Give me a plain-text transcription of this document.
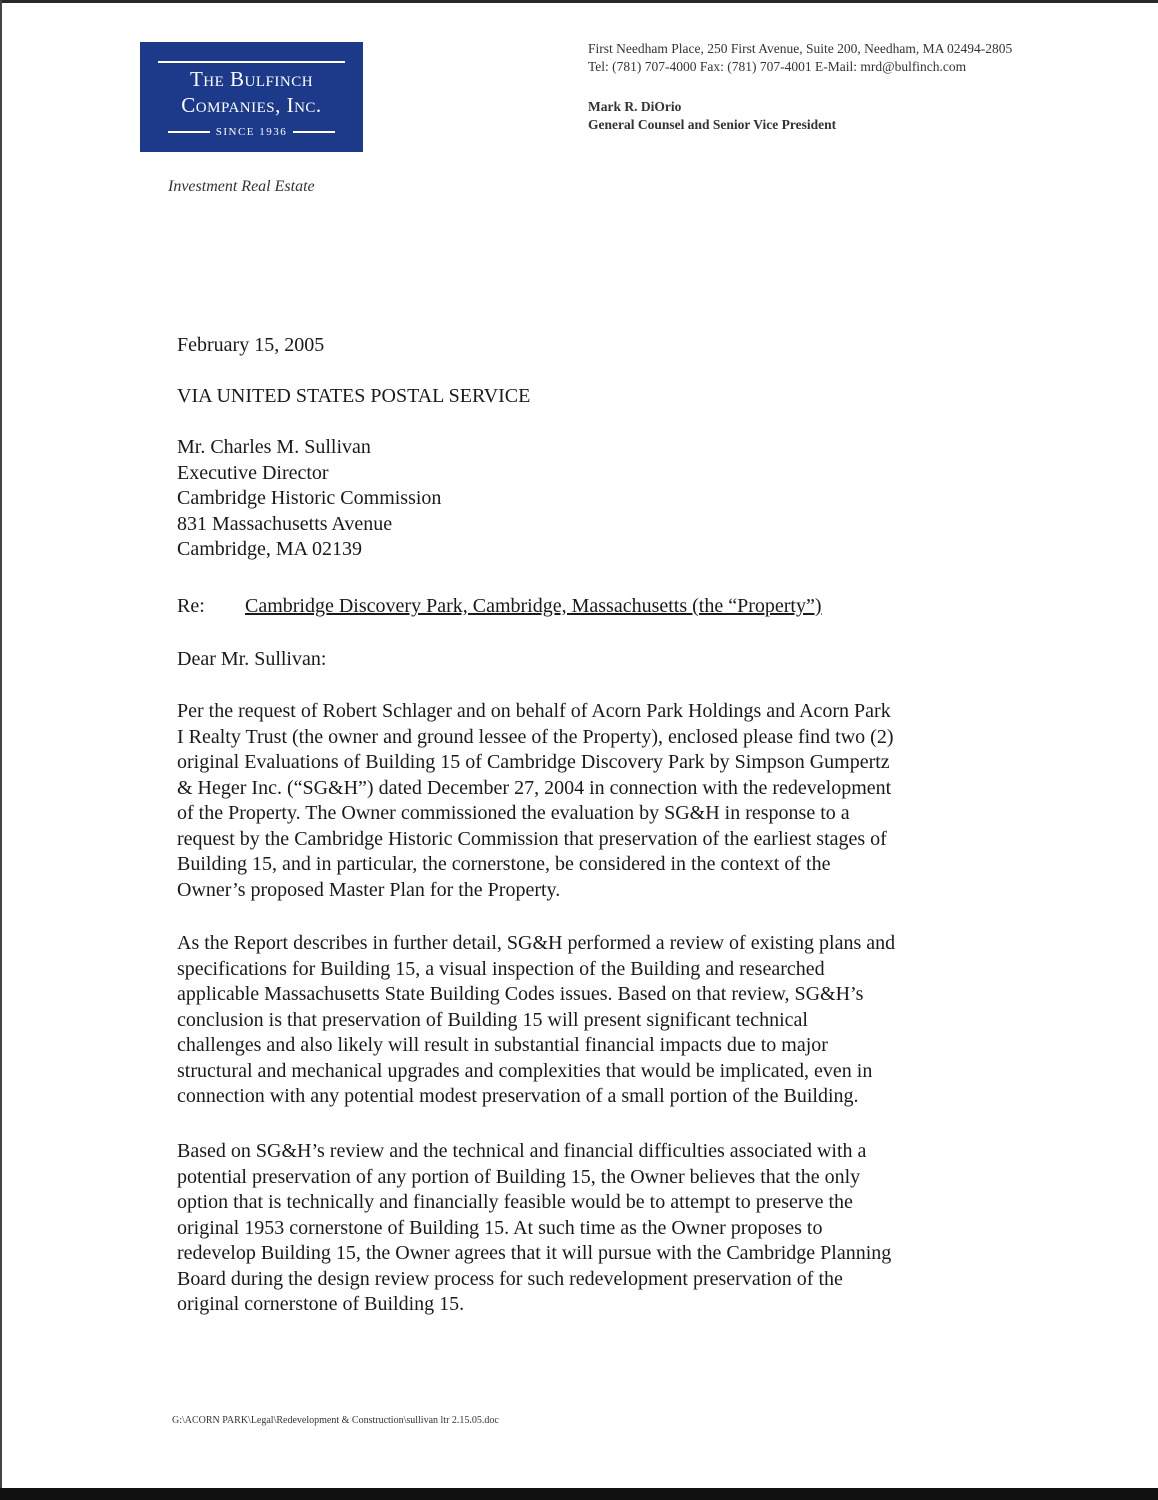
The Bulfinch
Companies, Inc.
SINCE 1936
Investment Real Estate
First Needham Place, 250 First Avenue, Suite 200, Needham, MA 02494-2805
Tel: (781) 707-4000 Fax: (781) 707-4001 E-Mail: mrd@bulfinch.com
Mark R. DiOrio
General Counsel and Senior Vice President
February 15, 2005
VIA UNITED STATES POSTAL SERVICE
Mr. Charles M. Sullivan
Executive Director
Cambridge Historic Commission
831 Massachusetts Avenue
Cambridge, MA 02139
Re: Cambridge Discovery Park, Cambridge, Massachusetts (the “Property”)
Dear Mr. Sullivan:
Per the request of Robert Schlager and on behalf of Acorn Park Holdings and Acorn Park
I Realty Trust (the owner and ground lessee of the Property), enclosed please find two (2)
original Evaluations of Building 15 of Cambridge Discovery Park by Simpson Gumpertz
& Heger Inc. (“SG&H”) dated December 27, 2004 in connection with the redevelopment
of the Property. The Owner commissioned the evaluation by SG&H in response to a
request by the Cambridge Historic Commission that preservation of the earliest stages of
Building 15, and in particular, the cornerstone, be considered in the context of the
Owner’s proposed Master Plan for the Property.
As the Report describes in further detail, SG&H performed a review of existing plans and
specifications for Building 15, a visual inspection of the Building and researched
applicable Massachusetts State Building Codes issues. Based on that review, SG&H’s
conclusion is that preservation of Building 15 will present significant technical
challenges and also likely will result in substantial financial impacts due to major
structural and mechanical upgrades and complexities that would be implicated, even in
connection with any potential modest preservation of a small portion of the Building.
Based on SG&H’s review and the technical and financial difficulties associated with a
potential preservation of any portion of Building 15, the Owner believes that the only
option that is technically and financially feasible would be to attempt to preserve the
original 1953 cornerstone of Building 15. At such time as the Owner proposes to
redevelop Building 15, the Owner agrees that it will pursue with the Cambridge Planning
Board during the design review process for such redevelopment preservation of the
original cornerstone of Building 15.
G:\ACORN PARK\Legal\Redevelopment & Construction\sullivan ltr 2.15.05.doc
